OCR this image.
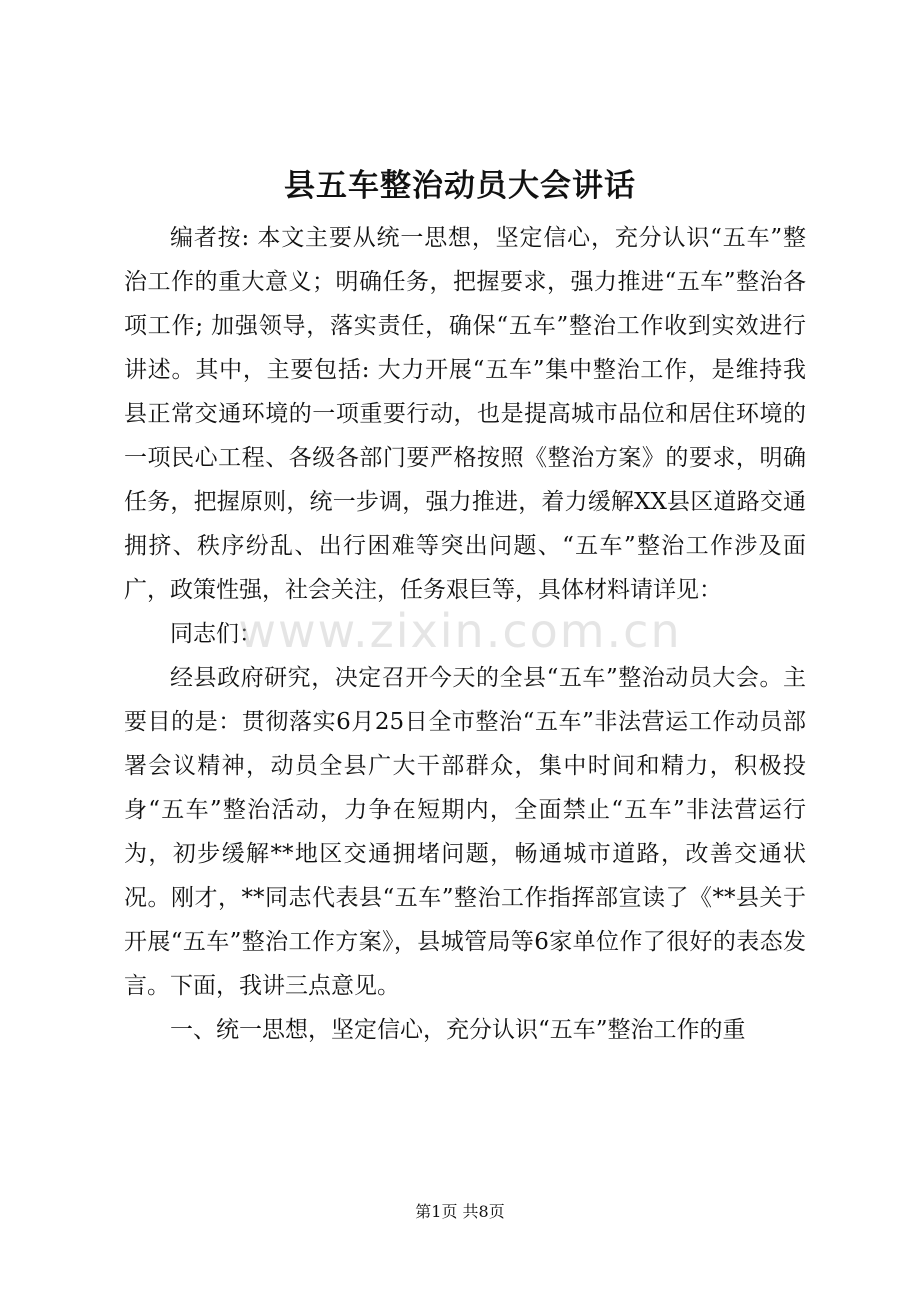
县五车整治动员大会讲话

编者按: 本文主要从统一思想，坚定信心，充分认识“五车”整治工作的重大意义；明确任务，把握要求，强力推进“五车”整治各项工作; 加强领导，落实责任，确保“五车”整治工作收到实效进行讲述。其中，主要包括: 大力开展“五车”集中整治工作，是维持我县正常交通环境的一项重要行动，也是提高城市品位和居住环境的一项民心工程、各级各部门要严格按照《整治方案》的要求，明确任务，把握原则，统一步调，强力推进，着力缓解XX县区道路交通拥挤、秩序纷乱、出行困难等突出问题、“五车”整治工作涉及面广，政策性强，社会关注，任务艰巨等，具体材料请详见：

同志们：

经县政府研究，决定召开今天的全县“五车”整治动员大会。主要目的是：贯彻落实6月25日全市整治“五车”非法营运工作动员部署会议精神，动员全县广大干部群众，集中时间和精力，积极投身“五车”整治活动，力争在短期内，全面禁止“五车”非法营运行为，初步缓解**地区交通拥堵问题，畅通城市道路，改善交通状况。刚才，**同志代表县“五车”整治工作指挥部宣读了《**县关于开展“五车”整治工作方案》，县城管局等6家单位作了很好的表态发言。下面，我讲三点意见。

一、统一思想，坚定信心，充分认识“五车”整治工作的重

www.zixin.com.cn
第1页 共8页
